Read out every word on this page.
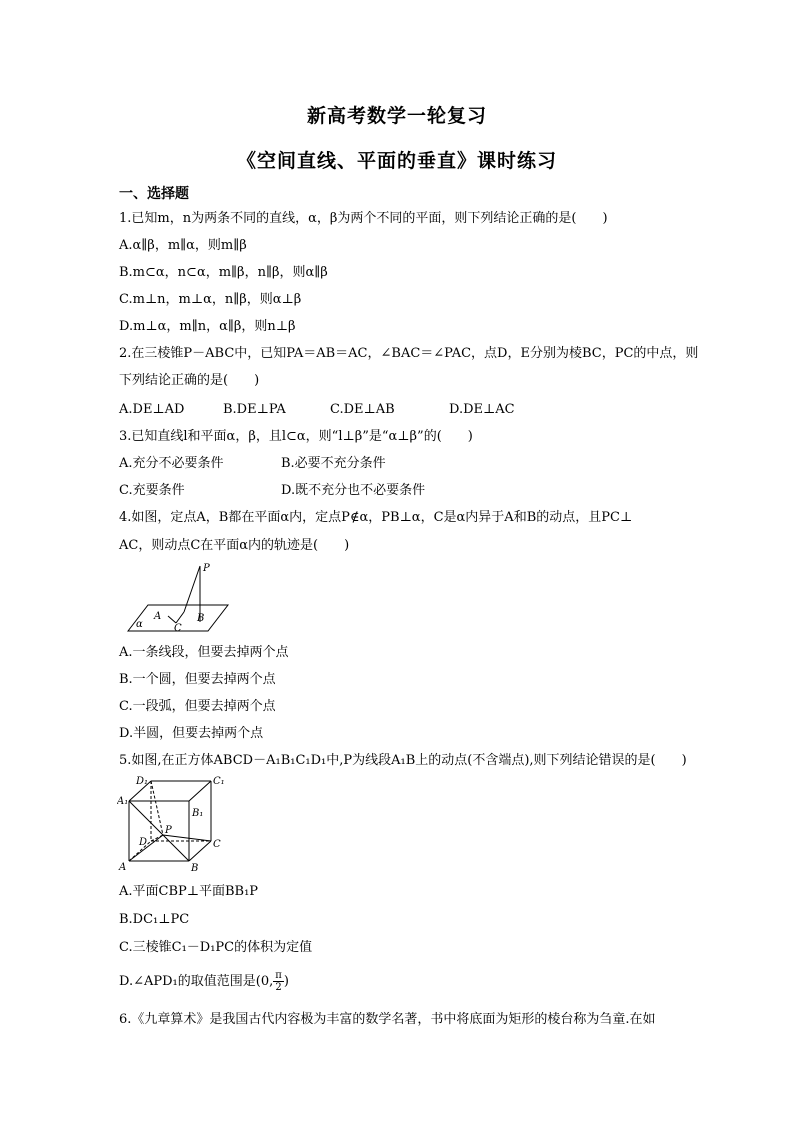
新高考数学一轮复习
《空间直线、平面的垂直》课时练习
一、选择题
1.已知m，n为两条不同的直线，α，β为两个不同的平面，则下列结论正确的是(　　)
A.α∥β，m∥α，则m∥β
B.m⊂α，n⊂α，m∥β，n∥β，则α∥β
C.m⊥n，m⊥α，n∥β，则α⊥β
D.m⊥α，m∥n，α∥β，则n⊥β
2.在三棱锥P－ABC中，已知PA＝AB＝AC，∠BAC＝∠PAC，点D，E分别为棱BC，PC的中点，则
下列结论正确的是(　　)
A.DE⊥AD	B.DE⊥PA	C.DE⊥AB	D.DE⊥AC
3.已知直线l和平面α，β，且l⊂α，则“l⊥β”是“α⊥β”的(　　)
A.充分不必要条件	B.必要不充分条件
C.充要条件	D.既不充分也不必要条件
4.如图，定点A，B都在平面α内，定点P∉α，PB⊥α，C是α内异于A和B的动点，且PC⊥
AC，则动点C在平面α内的轨迹是(　　)
P
A	B
C
α
A.一条线段，但要去掉两个点
B.一个圆，但要去掉两个点
C.一段弧，但要去掉两个点
D.半圆，但要去掉两个点
5.如图,在正方体ABCD－A₁B₁C₁D₁中,P为线段A₁B上的动点(不含端点),则下列结论错误的是(　　)
D₁	C₁
A₁
B₁
P
D	C
A	B
A.平面CBP⊥平面BB₁P
B.DC₁⊥PC
C.三棱锥C₁－D₁PC的体积为定值
D.∠APD₁的取值范围是(0, $\frac{\pi}{2}$ )
6.《九章算术》是我国古代内容极为丰富的数学名著，书中将底面为矩形的棱台称为刍童.在如
